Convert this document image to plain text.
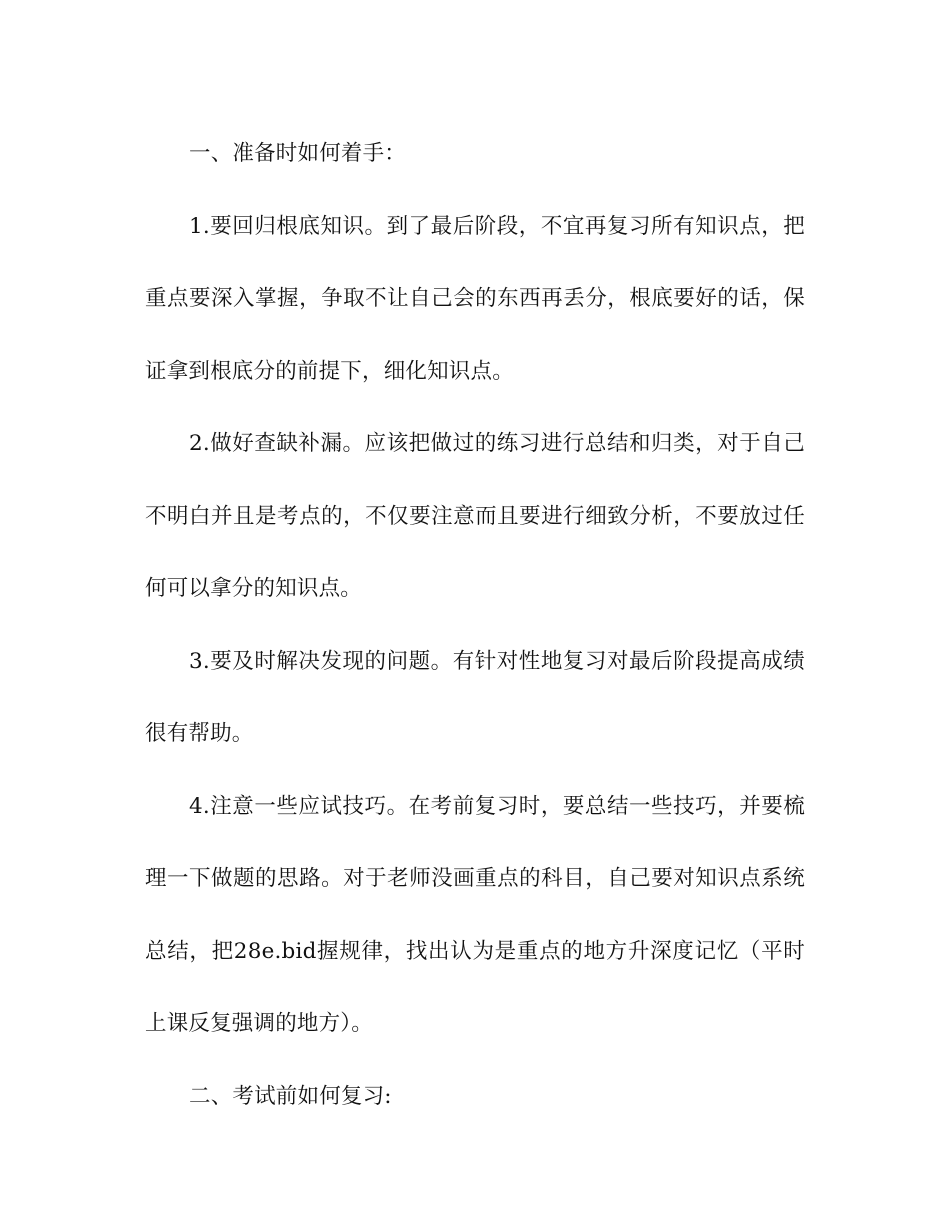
一、准备时如何着手：

1.要回归根底知识。到了最后阶段，不宜再复习所有知识点，把重点要深入掌握，争取不让自己会的东西再丢分，根底要好的话，保证拿到根底分的前提下，细化知识点。

2.做好查缺补漏。应该把做过的练习进行总结和归类，对于自己不明白并且是考点的，不仅要注意而且要进行细致分析，不要放过任何可以拿分的知识点。

3.要及时解决发现的问题。有针对性地复习对最后阶段提高成绩很有帮助。

4.注意一些应试技巧。在考前复习时，要总结一些技巧，并要梳理一下做题的思路。对于老师没画重点的科目，自己要对知识点系统总结，把28e.bid握规律，找出认为是重点的地方升深度记忆（平时上课反复强调的地方）。

二、考试前如何复习:
